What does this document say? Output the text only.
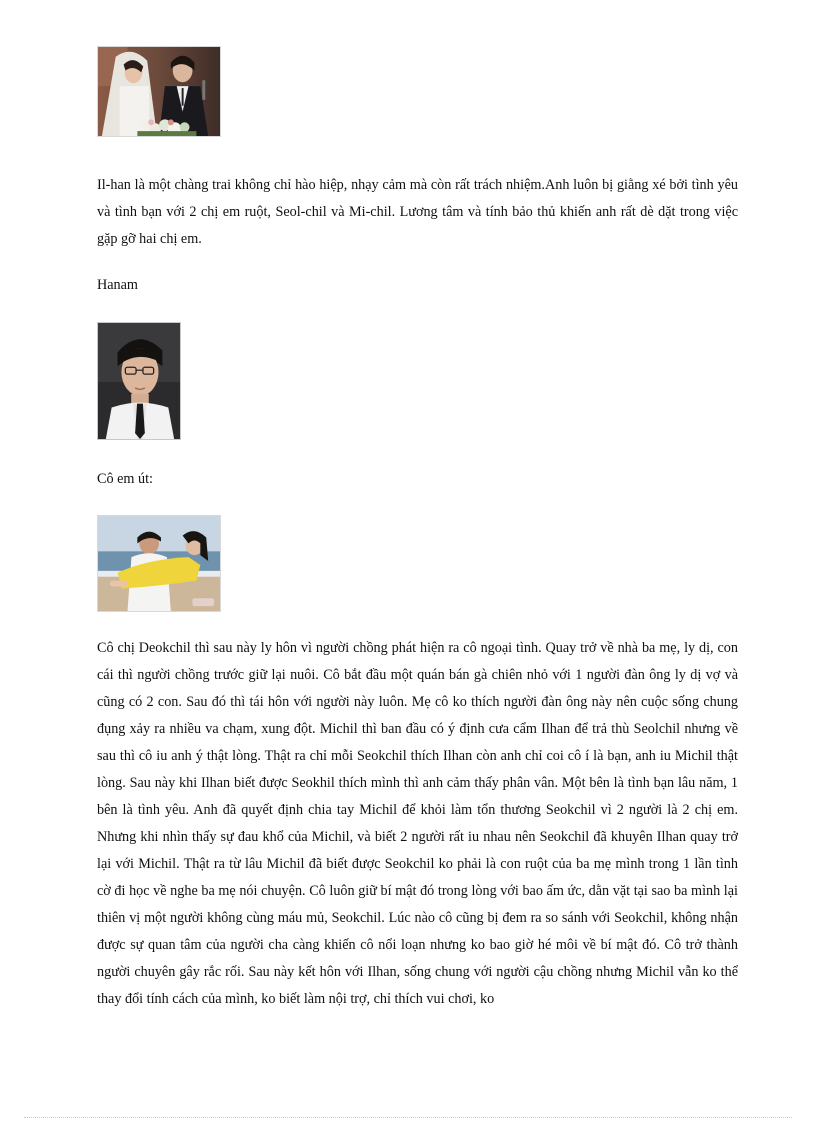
Il-han là một chàng trai không chỉ hào hiệp, nhạy cảm mà còn rất trách nhiệm.Anh luôn bị giằng xé bởi tình yêu và tình bạn với 2 chị em ruột, Seol-chil và Mi-chil. Lương tâm và tính bảo thủ khiến anh rất dè dặt trong việc gặp gỡ hai chị em.

Hanam

Cô em út:

Cô chị Deokchil thì sau này ly hôn vì người chồng phát hiện ra cô ngoại tình. Quay trở về nhà ba mẹ, ly dị, con cái thì người chồng trước giữ lại nuôi. Cô bắt đầu một quán bán gà chiên nhỏ với 1 người đàn ông ly dị vợ và cũng có 2 con. Sau đó thì tái hôn với người này luôn. Mẹ cô ko thích người đàn ông này nên cuộc sống chung đụng xảy ra nhiều va chạm, xung đột. Michil thì ban đầu có ý định cưa cẩm Ilhan để trả thù Seolchil nhưng về sau thì cô iu anh ý thật lòng. Thật ra chỉ mỗi Seokchil thích Ilhan còn anh chỉ coi cô í là bạn, anh iu Michil thật lòng. Sau này khi Ilhan biết được Seokhil thích mình thì anh cảm thấy phân vân. Một bên là tình bạn lâu năm, 1 bên là tình yêu. Anh đã quyết định chia tay Michil để khỏi làm tổn thương Seokchil vì 2 người là 2 chị em. Nhưng khi nhìn thấy sự đau khổ của Michil, và biết 2 người rất iu nhau nên Seokchil đã khuyên Ilhan quay trở lại với Michil. Thật ra từ lâu Michil đã biết được Seokchil ko phải là con ruột của ba mẹ mình trong 1 lần tình cờ đi học về nghe ba mẹ nói chuyện. Cô luôn giữ bí mật đó trong lòng với bao ấm ức, dằn vặt tại sao ba mình lại thiên vị một người không cùng máu mủ, Seokchil. Lúc nào cô cũng bị đem ra so sánh với Seokchil, không nhận được sự quan tâm của người cha càng khiến cô nổi loạn nhưng ko bao giờ hé môi về bí mật đó. Cô trở thành người chuyên gây rắc rối. Sau này kết hôn với Ilhan, sống chung với người cậu chồng nhưng Michil vẫn ko thể thay đổi tính cách của mình, ko biết làm nội trợ, chỉ thích vui chơi, ko
